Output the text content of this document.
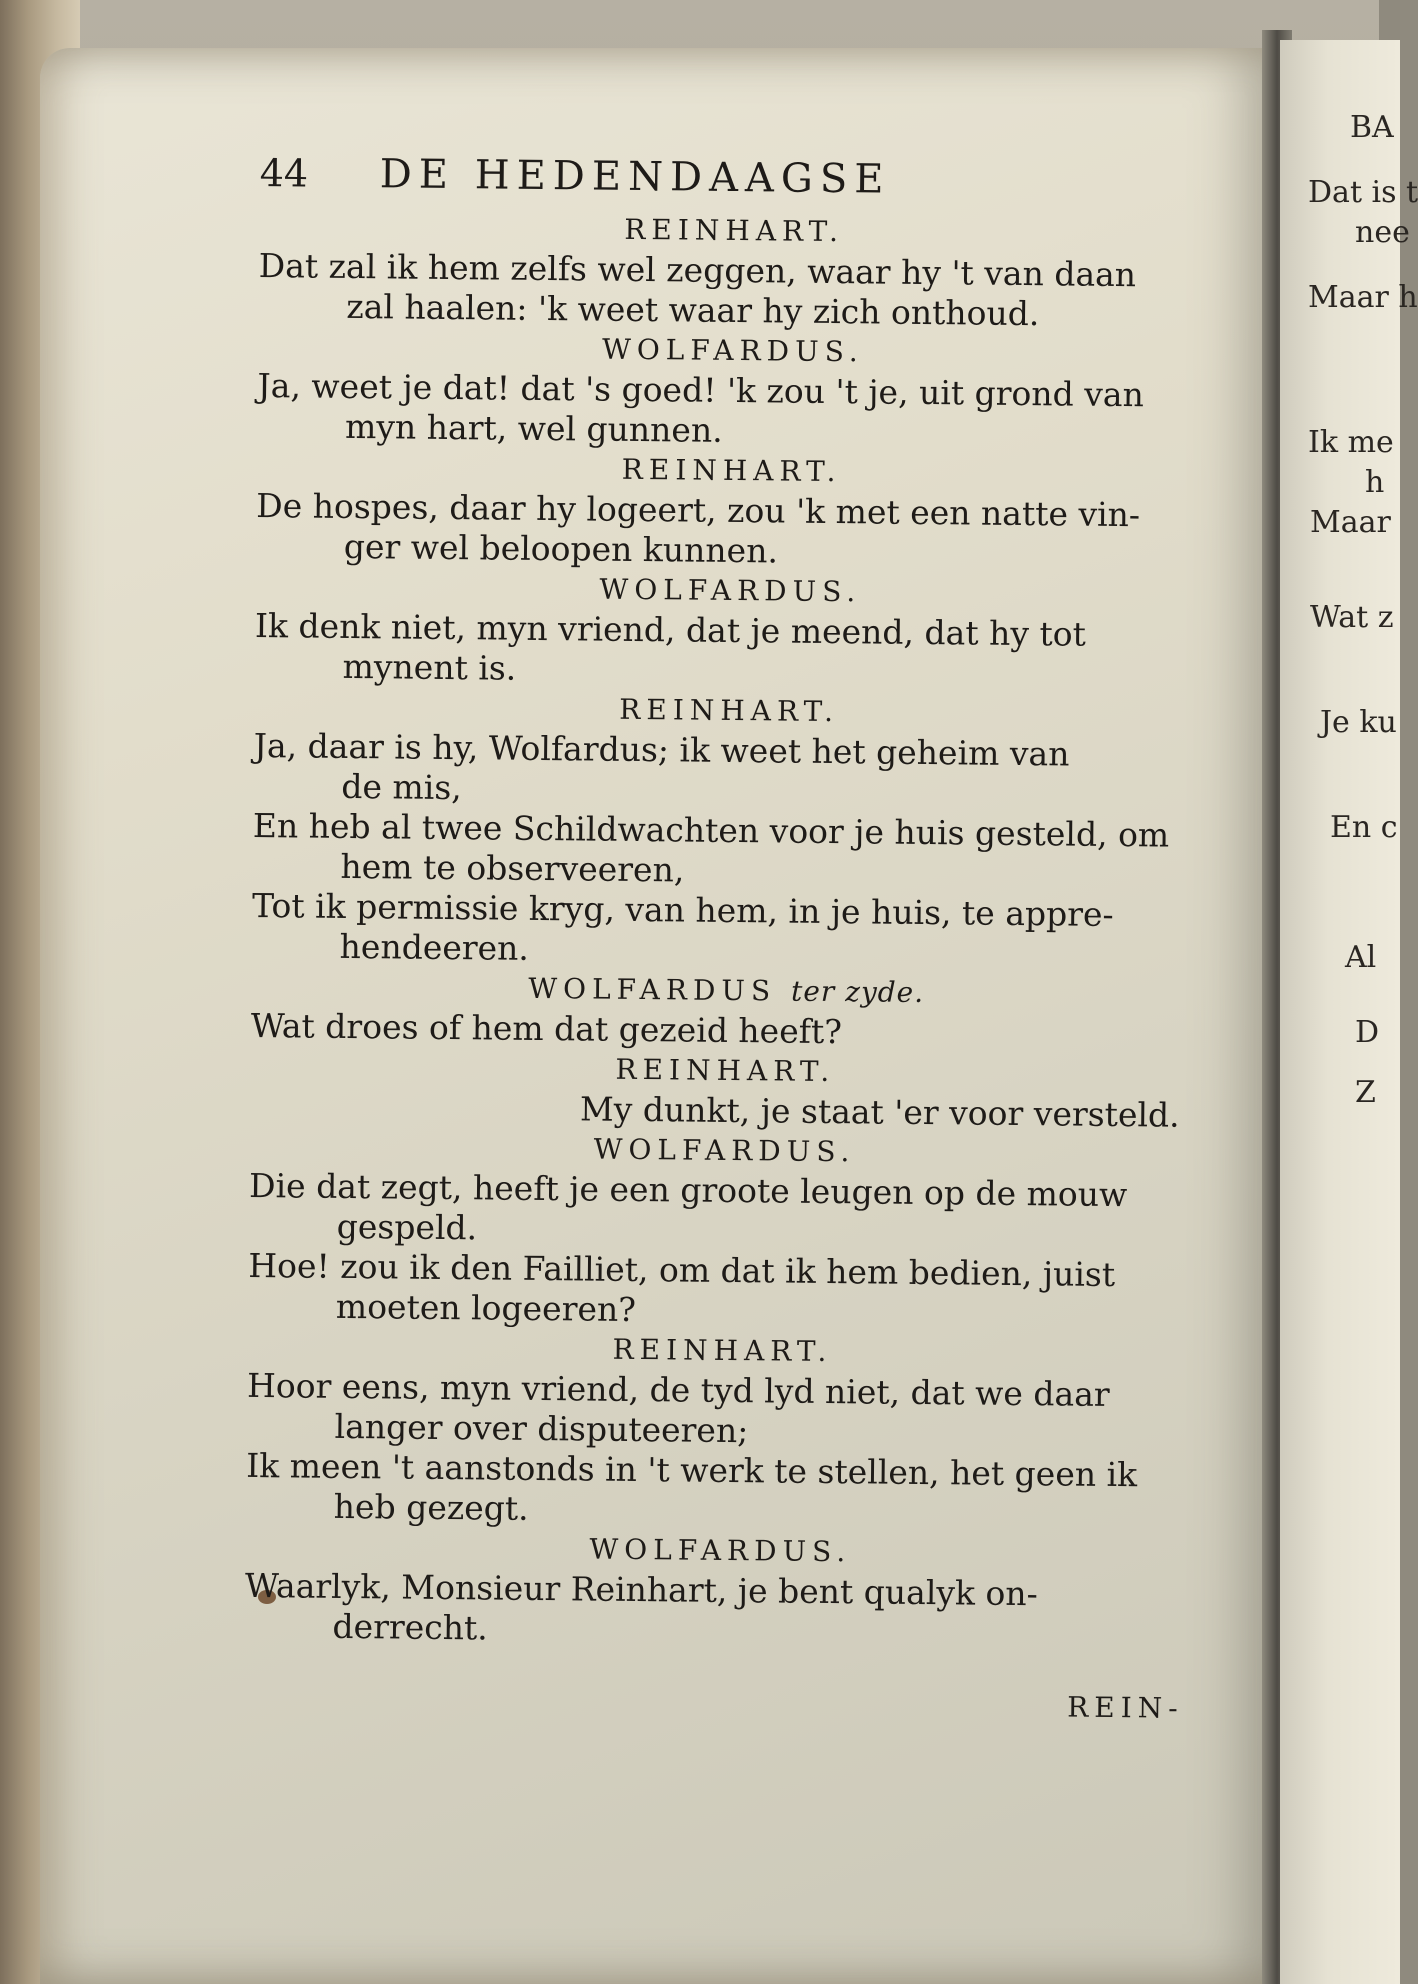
BA
Dat is t
nee
Maar h
Ik me
h
Maar
Wat z
Je ku
En c
Al
D
Z
44	DE HEDENDAAGSE
REINHART.
Dat zal ik hem zelfs wel zeggen, waar hy 't van daan
zal haalen: 'k weet waar hy zich onthoud.
WOLFARDUS.
Ja, weet je dat! dat 's goed! 'k zou 't je, uit grond van
myn hart, wel gunnen.
REINHART.
De hospes, daar hy logeert, zou 'k met een natte vin-
ger wel beloopen kunnen.
WOLFARDUS.
Ik denk niet, myn vriend, dat je meend, dat hy tot
mynent is.
REINHART.
Ja, daar is hy, Wolfardus; ik weet het geheim van
de mis,
En heb al twee Schildwachten voor je huis gesteld, om
hem te observeeren,
Tot ik permissie kryg, van hem, in je huis, te appre-
hendeeren.
WOLFARDUS ter zyde.
Wat droes of hem dat gezeid heeft?
REINHART.
My dunkt, je staat 'er voor versteld.
WOLFARDUS.
Die dat zegt, heeft je een groote leugen op de mouw
gespeld.
Hoe! zou ik den Failliet, om dat ik hem bedien, juist
moeten logeeren?
REINHART.
Hoor eens, myn vriend, de tyd lyd niet, dat we daar
langer over disputeeren;
Ik meen 't aanstonds in 't werk te stellen, het geen ik
heb gezegt.
WOLFARDUS.
Waarlyk, Monsieur Reinhart, je bent qualyk on-
derrecht.
REIN-
